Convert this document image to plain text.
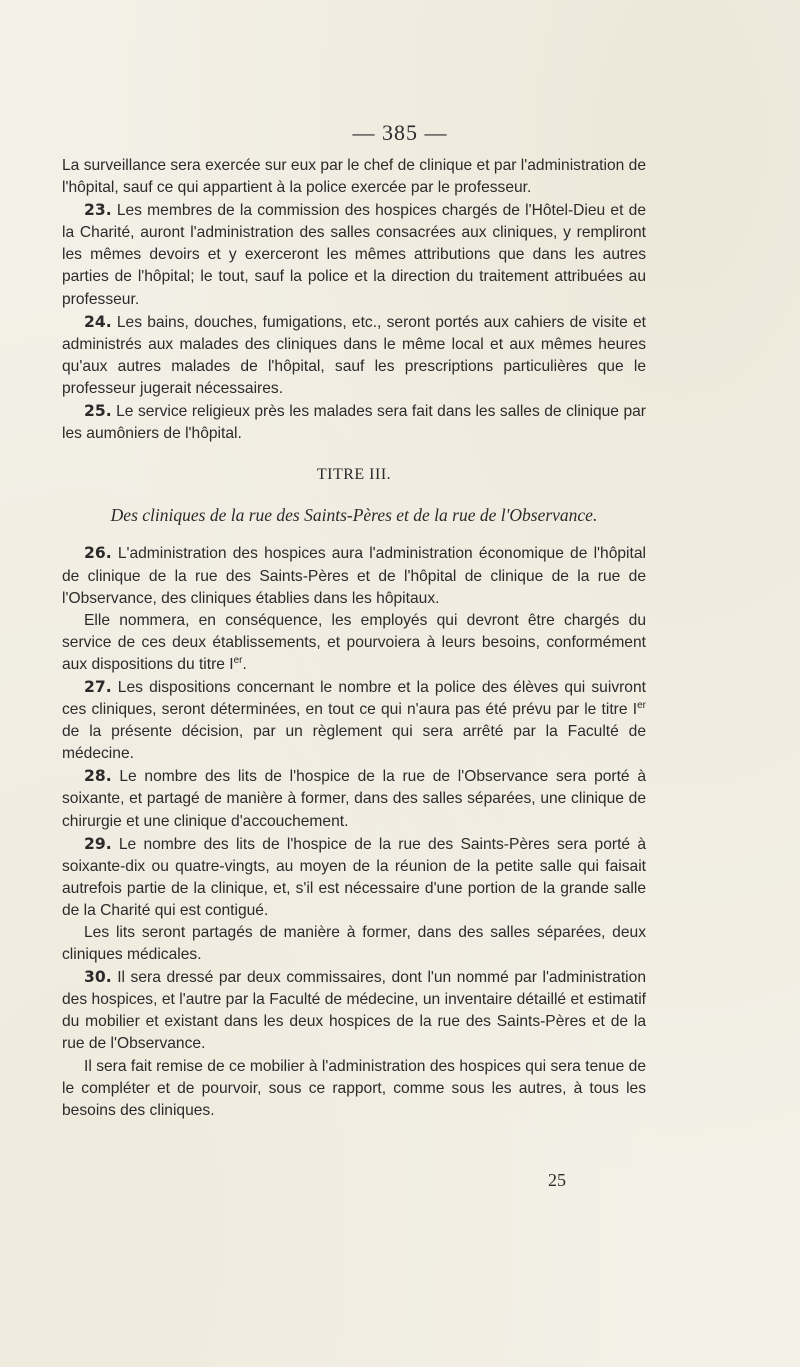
— 385 —

La surveillance sera exercée sur eux par le chef de clinique et par l'administration de l'hôpital, sauf ce qui appartient à la police exercée par le professeur.

23. Les membres de la commission des hospices chargés de l'Hôtel-Dieu et de la Charité, auront l'administration des salles consacrées aux cliniques, y rempliront les mêmes devoirs et y exerceront les mêmes attributions que dans les autres parties de l'hôpital; le tout, sauf la police et la direction du traitement attribuées au professeur.

24. Les bains, douches, fumigations, etc., seront portés aux cahiers de visite et administrés aux malades des cliniques dans le même local et aux mêmes heures qu'aux autres malades de l'hôpital, sauf les prescriptions particulières que le professeur jugerait nécessaires.

25. Le service religieux près les malades sera fait dans les salles de clinique par les aumôniers de l'hôpital.

TITRE III.

Des cliniques de la rue des Saints-Pères et de la rue de l'Observance.

26. L'administration des hospices aura l'administration économique de l'hôpital de clinique de la rue des Saints-Pères et de l'hôpital de clinique de la rue de l'Observance, des cliniques établies dans les hôpitaux.

Elle nommera, en conséquence, les employés qui devront être chargés du service de ces deux établissements, et pourvoiera à leurs besoins, conformément aux dispositions du titre Ier.

27. Les dispositions concernant le nombre et la police des élèves qui suivront ces cliniques, seront déterminées, en tout ce qui n'aura pas été prévu par le titre Ier de la présente décision, par un règlement qui sera arrêté par la Faculté de médecine.

28. Le nombre des lits de l'hospice de la rue de l'Observance sera porté à soixante, et partagé de manière à former, dans des salles séparées, une clinique de chirurgie et une clinique d'accouchement.

29. Le nombre des lits de l'hospice de la rue des Saints-Pères sera porté à soixante-dix ou quatre-vingts, au moyen de la réunion de la petite salle qui faisait autrefois partie de la clinique, et, s'il est nécessaire d'une portion de la grande salle de la Charité qui est contigué.

Les lits seront partagés de manière à former, dans des salles séparées, deux cliniques médicales.

30. Il sera dressé par deux commissaires, dont l'un nommé par l'administration des hospices, et l'autre par la Faculté de médecine, un inventaire détaillé et estimatif du mobilier et existant dans les deux hospices de la rue des Saints-Pères et de la rue de l'Observance.

Il sera fait remise de ce mobilier à l'administration des hospices qui sera tenue de le compléter et de pourvoir, sous ce rapport, comme sous les autres, à tous les besoins des cliniques.

25
